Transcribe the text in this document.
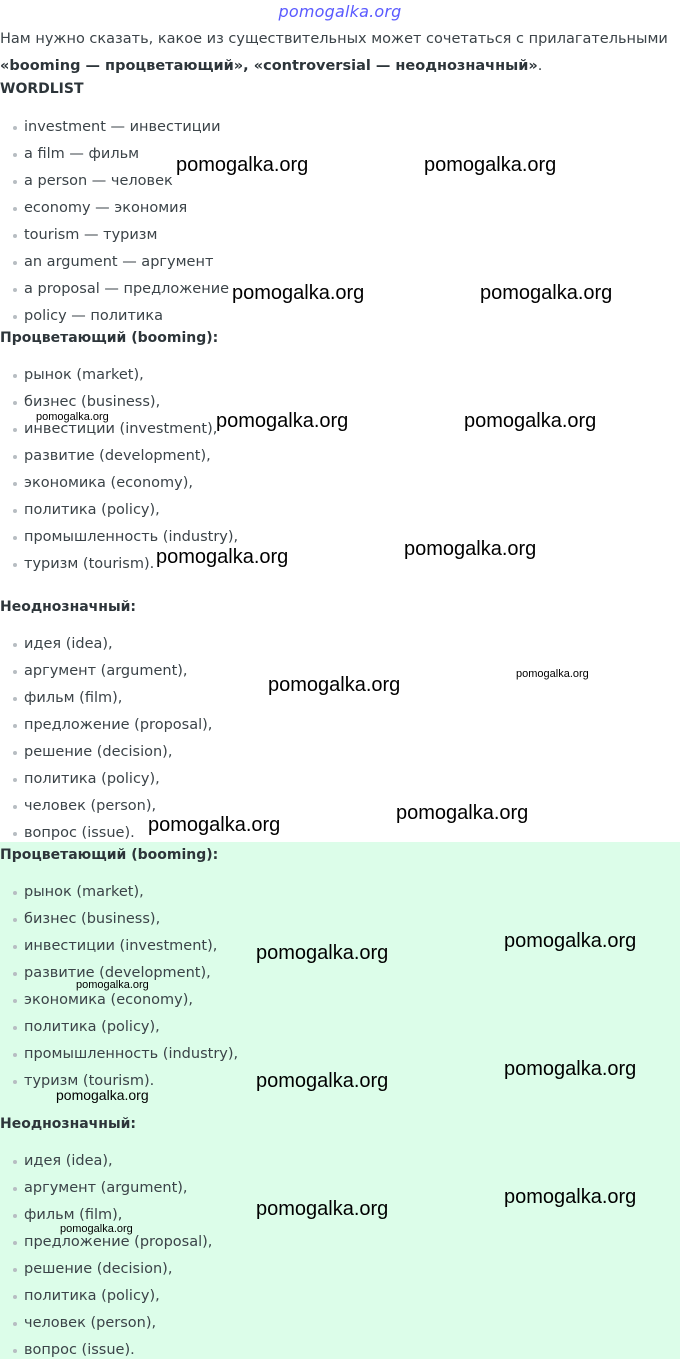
pomogalka.org
Нам нужно сказать, какое из существительных может сочетаться с прилагательными «booming — процветающий», «controversial — неоднозначный».
WORDLIST
investment — инвестиции
a film — фильм
a person — человек
economy — экономия
tourism — туризм
an argument — аргумент
a proposal — предложение
policy — политика
Процветающий (booming):
рынок (market),
бизнес (business),
инвестиции (investment),
развитие (development),
экономика (economy),
политика (policy),
промышленность (industry),
туризм (tourism).
Неоднозначный:
идея (idea),
аргумент (argument),
фильм (film),
предложение (proposal),
решение (decision),
политика (policy),
человек (person),
вопрос (issue).
Процветающий (booming):
рынок (market),
бизнес (business),
инвестиции (investment),
развитие (development),
экономика (economy),
политика (policy),
промышленность (industry),
туризм (tourism).
Неоднозначный:
идея (idea),
аргумент (argument),
фильм (film),
предложение (proposal),
решение (decision),
политика (policy),
человек (person),
вопрос (issue).
pomogalka.org	pomogalka.org
pomogalka.org	pomogalka.org
pomogalka.org	pomogalka.org	pomogalka.org
pomogalka.org	pomogalka.org
pomogalka.org	pomogalka.org
pomogalka.org
pomogalka.org
pomogalka.org
pomogalka.org
pomogalka.org
pomogalka.org
pomogalka.org
pomogalka.org
pomogalka.org
pomogalka.org
pomogalka.org
